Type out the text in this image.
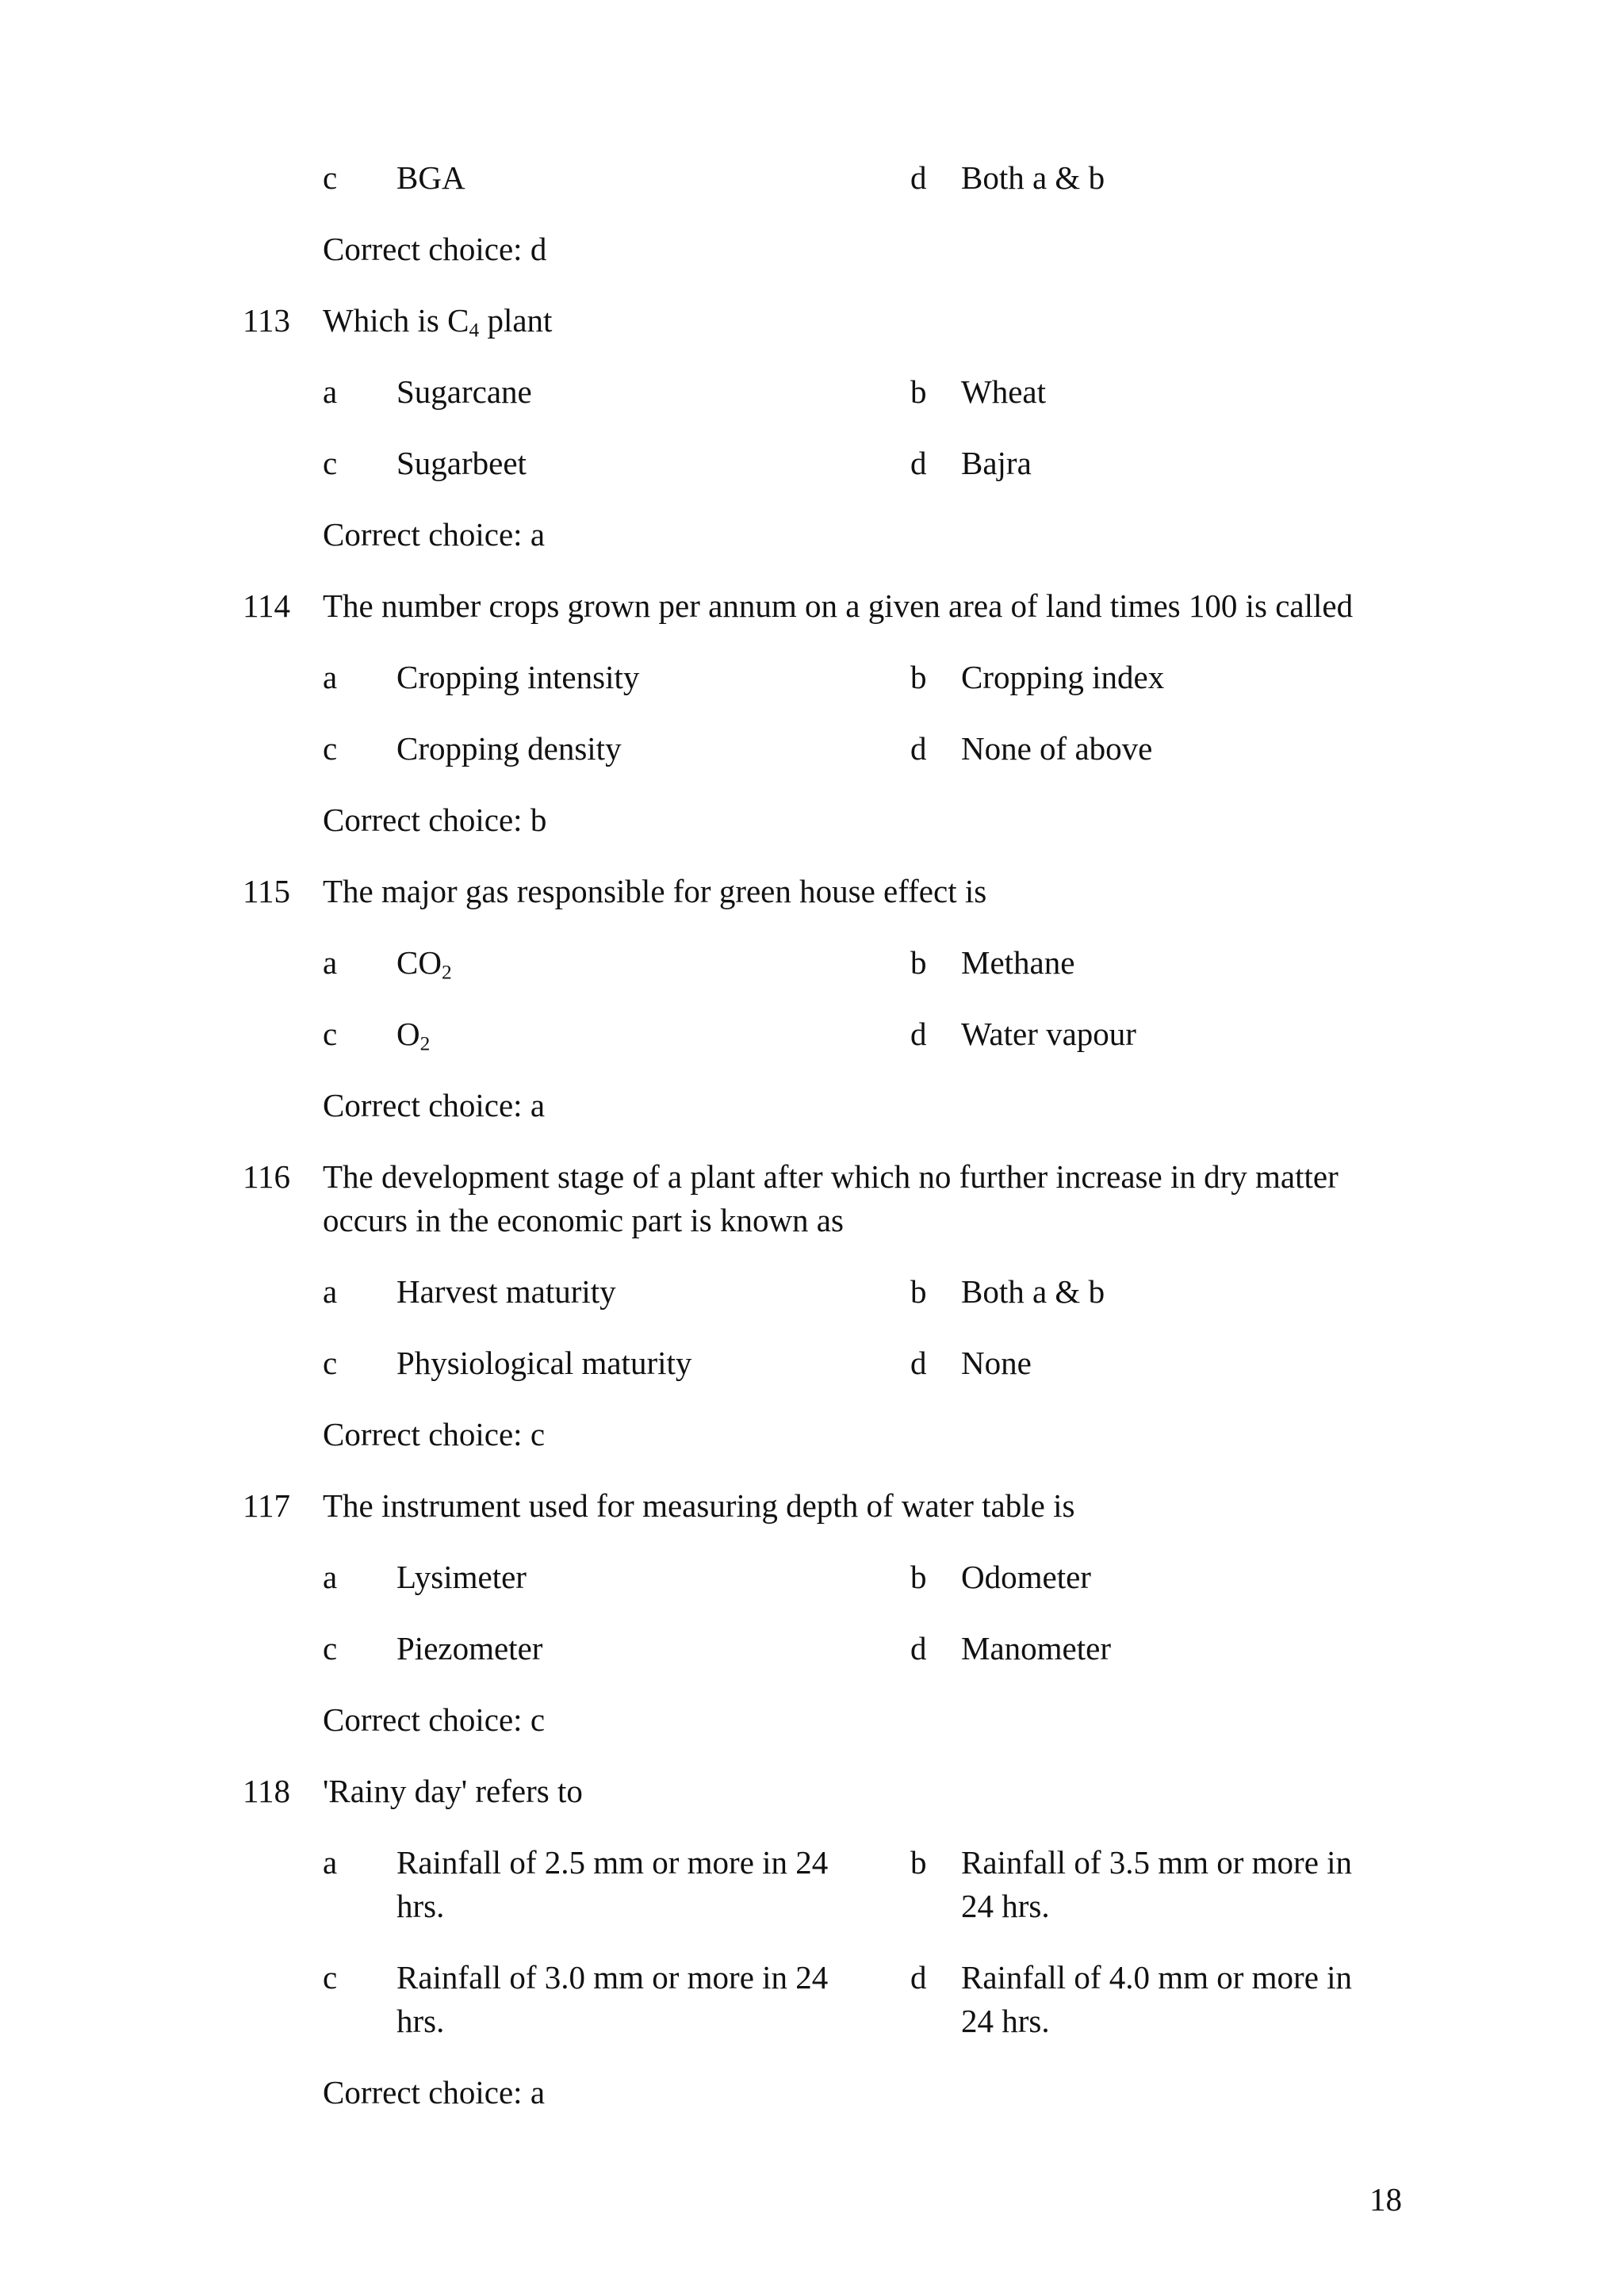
c BGA	d Both a & b
Correct choice: d
113 Which is $C_4$ plant
a Sugarcane	b Wheat
c Sugarbeet	d Bajra
Correct choice: a
114 The number crops grown per annum on a given area of land times 100 is called
a Cropping intensity	b Cropping index
c Cropping density	d None of above
Correct choice: b
115 The major gas responsible for green house effect is
a $CO_2$	b Methane
c $O_2$	d Water vapour
Correct choice: a
116 The development stage of a plant after which no further increase in dry matter
occurs in the economic part is known as
a Harvest maturity	b Both a & b
c Physiological maturity	d None
Correct choice: c
117 The instrument used for measuring depth of water table is
a Lysimeter	b Odometer
c Piezometer	d Manometer
Correct choice: c
118 'Rainy day' refers to
a Rainfall of 2.5 mm or more in 24
hrs.
b Rainfall of 3.5 mm or more in
24 hrs.
c Rainfall of 3.0 mm or more in 24
hrs.
d Rainfall of 4.0 mm or more in
24 hrs.
Correct choice: a
18
